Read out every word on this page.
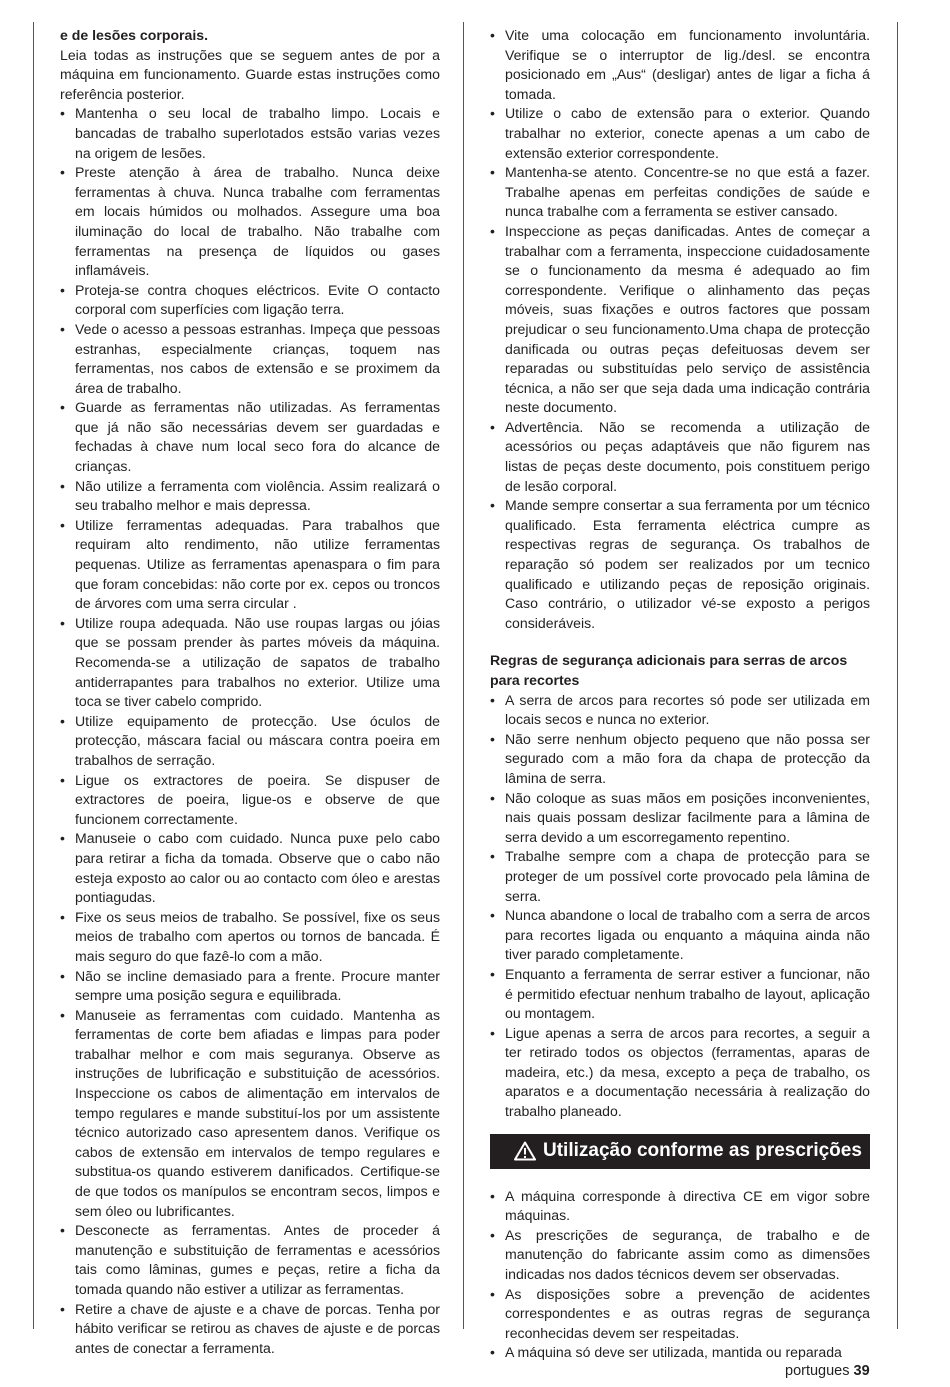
e de lesões corporais.

Leia todas as instruções que se seguem antes de por a máquina em funcionamento. Guarde estas instruções como referência posterior.

• Mantenha o seu local de trabalho limpo. Locais e bancadas de trabalho superlotados estsão varias vezes na origem de lesões.
• Preste atenção à área de trabalho. Nunca deixe ferramentas à chuva. Nunca trabalhe com ferramentas em locais húmidos ou molhados. Assegure uma boa iluminação do local de trabalho. Não trabalhe com ferramentas na presença de líquidos ou gases inflamáveis.
• Proteja-se contra choques eléctricos. Evite O contacto corporal com superfícies com ligação terra.
• Vede o acesso a pessoas estranhas. Impeça que pessoas estranhas, especialmente crianças, toquem nas ferramentas, nos cabos de extensão e se proximem da área de trabalho.
• Guarde as ferramentas não utilizadas. As ferramentas que já não são necessárias devem ser guardadas e fechadas à chave num local seco fora do alcance de crianças.
• Não utilize a ferramenta com violência. Assim realizará o seu trabalho melhor e mais depressa.
• Utilize ferramentas adequadas. Para trabalhos que requiram alto rendimento, não utilize ferramentas pequenas. Utilize as ferramentas apenaspara o fim para que foram concebidas: não corte por ex. cepos ou troncos de árvores com uma serra circular .
• Utilize roupa adequada. Não use roupas largas ou jóias que se possam prender às partes móveis da máquina. Recomenda-se a utilização de sapatos de trabalho antiderrapantes para trabalhos no exterior. Utilize uma toca se tiver cabelo comprido.
• Utilize equipamento de protecção. Use óculos de protecção, máscara facial ou máscara contra poeira em trabalhos de serração.
• Ligue os extractores de poeira. Se dispuser de extractores de poeira, ligue-os e observe de que funcionem correctamente.
• Manuseie o cabo com cuidado. Nunca puxe pelo cabo para retirar a ficha da tomada. Observe que o cabo não esteja exposto ao calor ou ao contacto com óleo e arestas pontiagudas.
• Fixe os seus meios de trabalho. Se possível, fixe os seus meios de trabalho com apertos ou tornos de bancada. É mais seguro do que fazê-lo com a mão.
• Não se incline demasiado para a frente. Procure manter sempre uma posição segura e equilibrada.
• Manuseie as ferramentas com cuidado. Mantenha as ferramentas de corte bem afiadas e limpas para poder trabalhar melhor e com mais seguranya. Observe as instruções de lubrificação e substituição de acessórios. Inspeccione os cabos de alimentação em intervalos de tempo regulares e mande substituí-los por um assistente técnico autorizado caso apresentem danos. Verifique os cabos de extensão em intervalos de tempo regulares e substitua-os quando estiverem danificados. Certifique-se de que todos os manípulos se encontram secos, limpos e sem óleo ou lubrificantes.
• Desconecte as ferramentas. Antes de proceder á manutenção e substituição de ferramentas e acessórios tais como lâminas, gumes e peças, retire a ficha da tomada quando não estiver a utilizar as ferramentas.
• Retire a chave de ajuste e a chave de porcas. Tenha por hábito verificar se retirou as chaves de ajuste e de porcas antes de conectar a ferramenta.
• Vite uma colocação em funcionamento involuntária. Verifique se o interruptor de lig./desl. se encontra posicionado em „Aus“ (desligar) antes de ligar a ficha á tomada.
• Utilize o cabo de extensão para o exterior. Quando trabalhar no exterior, conecte apenas a um cabo de extensão exterior correspondente.
• Mantenha-se atento. Concentre-se no que está a fazer. Trabalhe apenas em perfeitas condições de saúde e nunca trabalhe com a ferramenta se estiver cansado.
• Inspeccione as peças danificadas. Antes de começar a trabalhar com a ferramenta, inspeccione cuidadosamente se o funcionamento da mesma é adequado ao fim correspondente. Verifique o alinhamento das peças móveis, suas fixações e outros factores que possam prejudicar o seu funcionamento.Uma chapa de protecção danificada ou outras peças defeituosas devem ser reparadas ou substituídas pelo serviço de assistência técnica, a não ser que seja dada uma indicação contrária neste documento.
• Advertência. Não se recomenda a utilização de acessórios ou peças adaptáveis que não figurem nas listas de peças deste documento, pois constituem perigo de lesão corporal.
• Mande sempre consertar a sua ferramenta por um técnico qualificado. Esta ferramenta eléctrica cumpre as respectivas regras de segurança. Os trabalhos de reparação só podem ser realizados por um tecnico qualificado e utilizando peças de reposição originais. Caso contrário, o utilizador vé-se exposto a perigos consideráveis.
Regras de segurança adicionais para serras de arcos para recortes
• A serra de arcos para recortes só pode ser utilizada em locais secos e nunca no exterior.
• Não serre nenhum objecto pequeno que não possa ser segurado com a mão fora da chapa de protecção da lâmina de serra.
• Não coloque as suas mãos em posições inconvenientes, nais quais possam deslizar facilmente para a lâmina de serra devido a um escorregamento repentino.
• Trabalhe sempre com a chapa de protecção para se proteger de um possível corte provocado pela lâmina de serra.
• Nunca abandone o local de trabalho com a serra de arcos para recortes ligada ou enquanto a máquina ainda não tiver parado completamente.
• Enquanto a ferramenta de serrar estiver a funcionar, não é permitido efectuar nenhum trabalho de layout, aplicação ou montagem.
• Ligue apenas a serra de arcos para recortes, a seguir a ter retirado todos os objectos (ferramentas, aparas de madeira, etc.) da mesa, excepto a peça de trabalho, os aparatos e a documentação necessária à realização do trabalho planeado.
Utilização conforme as prescrições
• A máquina corresponde à directiva CE em vigor sobre máquinas.
• As prescrições de segurança, de trabalho e de manutenção do fabricante assim como as dimensões indicadas nos dados técnicos devem ser observadas.
• As disposições sobre a prevenção de acidentes correspondentes e as outras regras de segurança reconhecidas devem ser respeitadas.
• A máquina só deve ser utilizada, mantida ou reparada
portugues 39
